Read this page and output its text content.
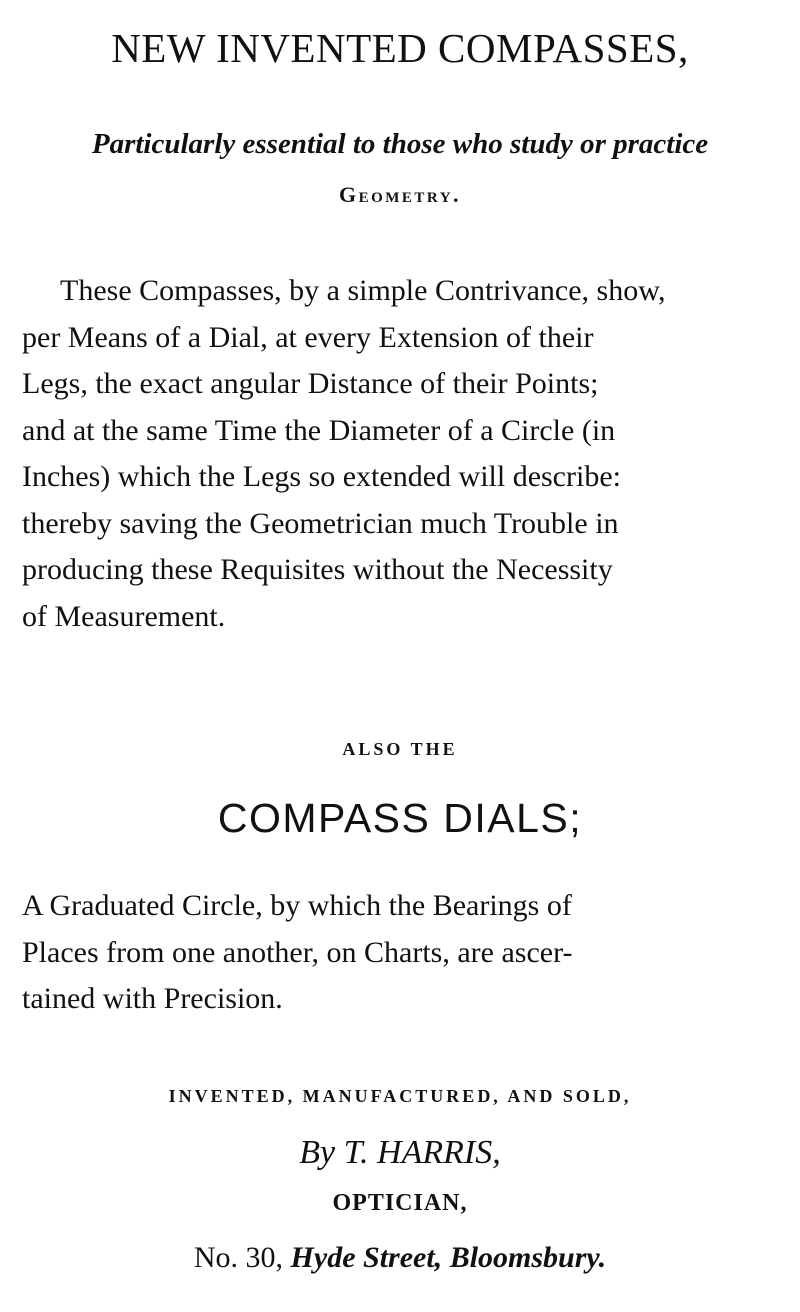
NEW INVENTED COMPASSES,
Particularly essential to those who study or practice
Geometry.
These Compasses, by a simple Contrivance, show,
per Means of a Dial, at every Extension of their
Legs, the exact angular Distance of their Points;
and at the same Time the Diameter of a Circle (in
Inches) which the Legs so extended will describe:
thereby saving the Geometrician much Trouble in
producing these Requisites without the Necessity
of Measurement.
ALSO THE
COMPASS DIALS;
A Graduated Circle, by which the Bearings of
Places from one another, on Charts, are ascer-
tained with Precision.
INVENTED, MANUFACTURED, AND SOLD,
By T. HARRIS,
OPTICIAN,
No. 30, Hyde Street, Bloomsbury.
